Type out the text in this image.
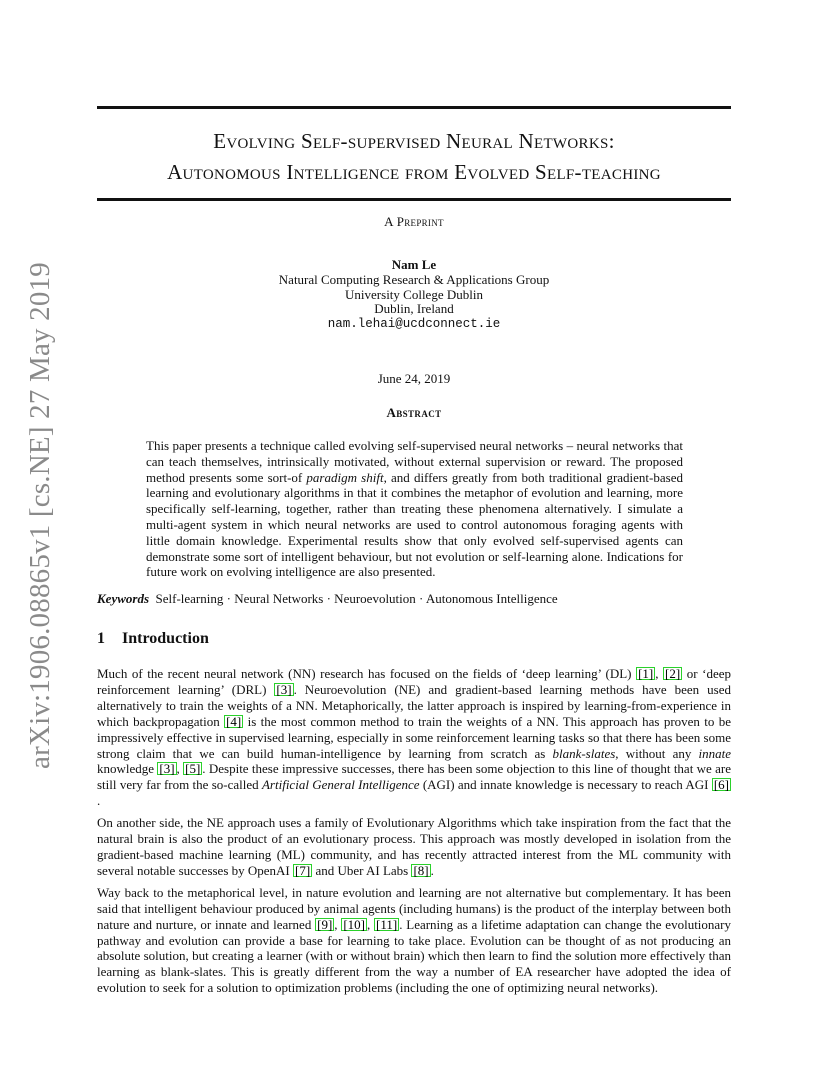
arXiv:1906.08865v1 [cs.NE] 27 May 2019
Evolving Self-supervised Neural Networks:
Autonomous Intelligence from Evolved Self-teaching
A Preprint
Nam Le
Natural Computing Research & Applications Group
University College Dublin
Dublin, Ireland
nam.lehai@ucdconnect.ie
June 24, 2019
Abstract
This paper presents a technique called evolving self-supervised neural networks – neural networks that can teach themselves, intrinsically motivated, without external supervision or reward. The proposed method presents some sort-of paradigm shift, and differs greatly from both traditional gradient-based learning and evolutionary algorithms in that it combines the metaphor of evolution and learning, more specifically self-learning, together, rather than treating these phenomena alternatively. I simulate a multi-agent system in which neural networks are used to control autonomous foraging agents with little domain knowledge. Experimental results show that only evolved self-supervised agents can demonstrate some sort of intelligent behaviour, but not evolution or self-learning alone. Indications for future work on evolving intelligence are also presented.
Keywords Self-learning · Neural Networks · Neuroevolution · Autonomous Intelligence
1 Introduction

Much of the recent neural network (NN) research has focused on the fields of ‘deep learning’ (DL) [1] , [2] or ‘deep reinforcement learning’ (DRL) [3] . Neuroevolution (NE) and gradient-based learning methods have been used alternatively to train the weights of a NN. Metaphorically, the latter approach is inspired by learning-from-experience in which backpropagation [4] is the most common method to train the weights of a NN. This approach has proven to be impressively effective in supervised learning, especially in some reinforcement learning tasks so that there has been some strong claim that we can build human-intelligence by learning from scratch as blank-slates, without any innate knowledge [3] , [5] . Despite these impressive successes, there has been some objection to this line of thought that we are still very far from the so-called Artificial General Intelligence (AGI) and innate knowledge is necessary to reach AGI [6].

On another side, the NE approach uses a family of Evolutionary Algorithms which take inspiration from the fact that the natural brain is also the product of an evolutionary process. This approach was mostly developed in isolation from the gradient-based machine learning (ML) community, and has recently attracted interest from the ML community with several notable successes by OpenAI [7] and Uber AI Labs [8] .

Way back to the metaphorical level, in nature evolution and learning are not alternative but complementary. It has been said that intelligent behaviour produced by animal agents (including humans) is the product of the interplay between both nature and nurture, or innate and learned [9] , [10] , [11] . Learning as a lifetime adaptation can change the evolutionary pathway and evolution can provide a base for learning to take place. Evolution can be thought of as not producing an absolute solution, but creating a learner (with or without brain) which then learn to find the solution more effectively than learning as blank-slates. This is greatly different from the way a number of EA researcher have adopted the idea of evolution to seek for a solution to optimization problems (including the one of optimizing neural networks).
